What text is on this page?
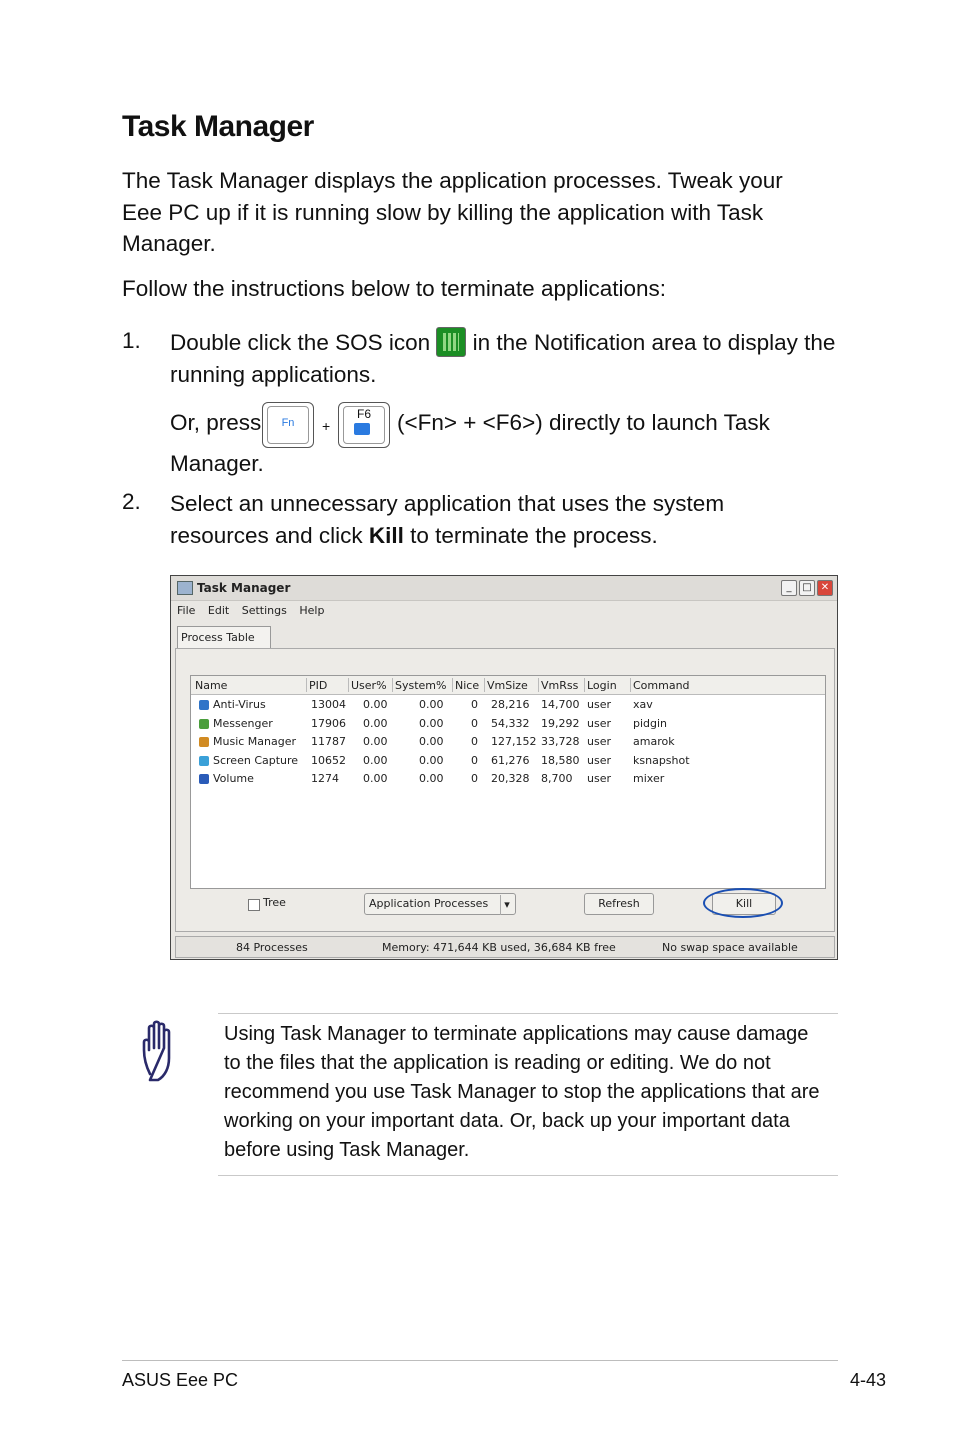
Task Manager

The Task Manager displays the application processes. Tweak your Eee PC up if it is running slow by killing the application with Task Manager.

Follow the instructions below to terminate applications:

1. Double click the SOS icon in the Notification area to display the running applications.
Or, press	Fn	+
F6	(<Fn> + <F6>) directly to launch Task
Manager.
2. Select an unnecessary application that uses the system resources and click Kill to terminate the process.
Task Manager	_	□ ✕
File Edit Settings Help
Process Table
Name	PID User% System% Nice VmSize VmRss Login Command
Anti-Virus	13004 0.00	0.00	0 28,216 14,700 user xav
Messenger	17906 0.00	0.00	0 54,332 19,292 user pidgin
Music Manager 11787 0.00	0.00	0 127,152 33,728 user amarok
Screen Capture 10652 0.00	0.00	0 61,276 18,580 user ksnapshot
Volume	1274 0.00	0.00	0 20,328 8,700 user mixer
Tree	Application Processes	▾	Refresh	Kill
84 Processes	Memory: 471,644 KB used, 36,684 KB free	No swap space available
Using Task Manager to terminate applications may cause damage to the files that the application is reading or editing. We do not recommend you use Task Manager to stop the applications that are working on your important data. Or, back up your important data before using Task Manager.
ASUS Eee PC	4-43
